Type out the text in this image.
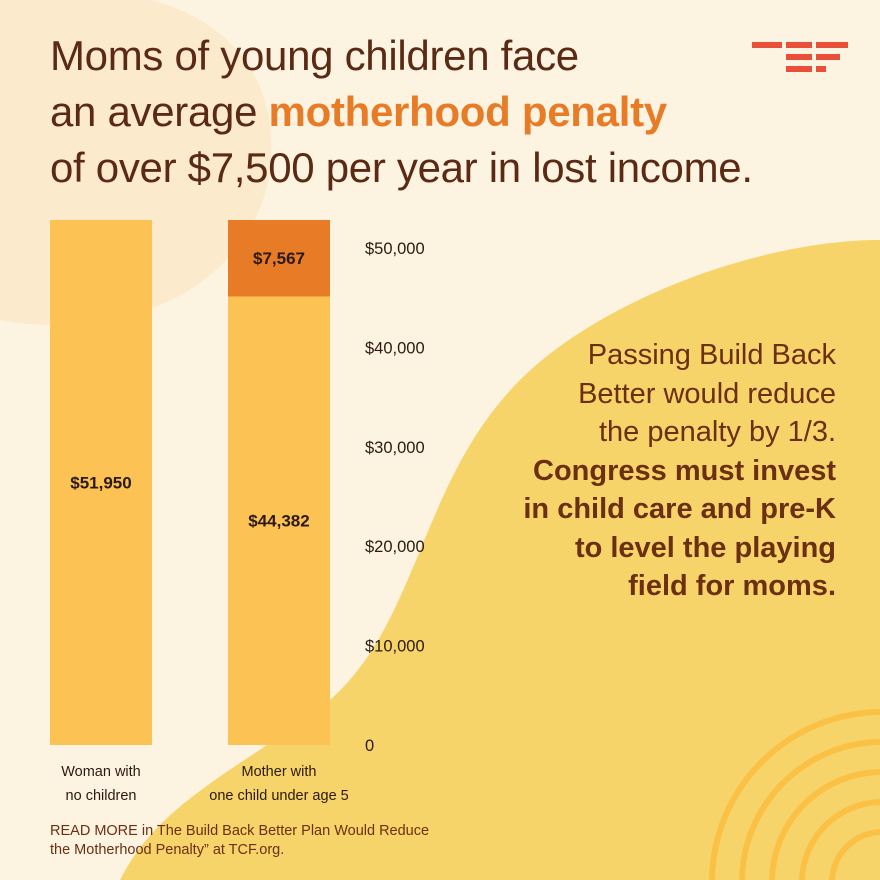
Moms of young children face
an average motherhood penalty
of over $7,500 per year in lost income.
$51,950
Woman with
no children
$44,382
$7,567
Mother with
one child under age 5
0
$10,000
$20,000
$30,000
$40,000
$50,000
Passing Build Back
Better would reduce
the penalty by 1/3.
Congress must invest
in child care and pre-K
to level the playing
field for moms.
READ MORE in The Build Back Better Plan Would Reduce
the Motherhood Penalty” at TCF.org.
